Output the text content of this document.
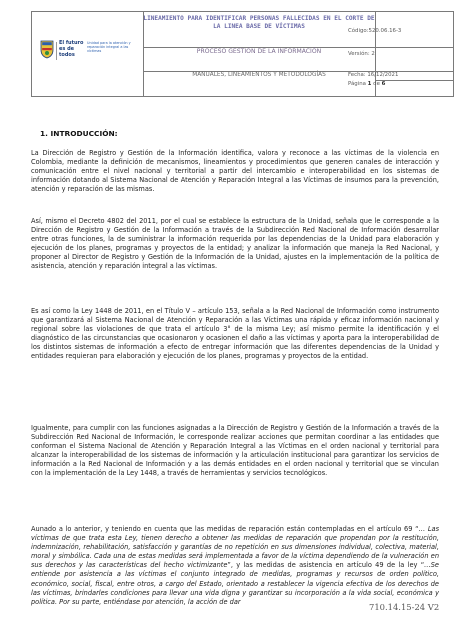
El futuro es de todos
Unidad para la atención y reparación integral a las víctimas
LINEAMIENTO PARA IDENTIFICAR PERSONAS FALLECIDAS EN EL CORTE DE LA LINEA BASE DE VÍCTIMAS
PROCESO GESTIÓN DE LA INFORMACIÓN
MANUALES, LINEAMIENTOS Y METODOLOGÍAS
Código:520.06.16-3
Versión: 2
Fecha: 16/12/2021
Página 1 de 6
1. INTRODUCCIÓN:
La Dirección de Registro y Gestión de la Información identifica, valora y reconoce a las víctimas de la violencia en Colombia, mediante la definición de mecanismos, lineamientos y procedimientos que generen canales de interacción y comunicación entre el nivel nacional y territorial a partir del intercambio e interoperabilidad en los sistemas de información dotando al Sistema Nacional de Atención y Reparación Integral a las Víctimas de insumos para la prevención, atención y reparación de las mismas.
Así, mismo el Decreto 4802 del 2011, por el cual se establece la estructura de la Unidad, señala que le corresponde a la Dirección de Registro y Gestión de la Información a través de la Subdirección Red Nacional de Información desarrollar entre otras funciones, la de suministrar la información requerida por las dependencias de la Unidad para elaboración y ejecución de los planes, programas y proyectos de la entidad; y analizar la información que maneja la Red Nacional, y proponer al Director de Registro y Gestión de la Información de la Unidad, ajustes en la implementación de la política de asistencia, atención y reparación integral a las víctimas.
Es así como la Ley 1448 de 2011, en el Título V – artículo 153, señala a la Red Nacional de Información como instrumento que garantizará al Sistema Nacional de Atención y Reparación a las Víctimas una rápida y eficaz información nacional y regional sobre las violaciones de que trata el artículo 3° de la misma Ley; así mismo permite la identificación y el diagnóstico de las circunstancias que ocasionaron y ocasionen el daño a las víctimas y aporta para la interoperabilidad de los distintos sistemas de información a efecto de entregar información que las diferentes dependencias de la Unidad y entidades requieran para elaboración y ejecución de los planes, programas y proyectos de la entidad.
Igualmente, para cumplir con las funciones asignadas a la Dirección de Registro y Gestión de la Información a través de la Subdirección Red Nacional de Información, le corresponde realizar acciones que permitan coordinar a las entidades que conforman el Sistema Nacional de Atención y Reparación Integral a las Víctimas en el orden nacional y territorial para alcanzar la interoperabilidad de los sistemas de información y la articulación institucional para garantizar los servicios de información a la Red Nacional de Información y a las demás entidades en el orden nacional y territorial que se vinculan con la implementación de la Ley 1448, a través de herramientas y servicios tecnológicos.
Aunado a lo anterior, y teniendo en cuenta que las medidas de reparación están contempladas en el artículo 69 “… Las víctimas de que trata esta Ley, tienen derecho a obtener las medidas de reparación que propendan por la restitución, indemnización, rehabilitación, satisfacción y garantías de no repetición en sus dimensiones individual, colectiva, material, moral y simbólica. Cada una de estas medidas será implementada a favor de la víctima dependiendo de la vulneración en sus derechos y las características del hecho victimizante”, y las medidas de asistencia en artículo 49 de la ley “…Se entiende por asistencia a las víctimas el conjunto integrado de medidas, programas y recursos de orden político, económico, social, fiscal, entre otros, a cargo del Estado, orientado a restablecer la vigencia efectiva de los derechos de las víctimas, brindarles condiciones para llevar una vida digna y garantizar su incorporación a la vida social, económica y política. Por su parte, entiéndase por atención, la acción de dar
710.14.15-24 V2
